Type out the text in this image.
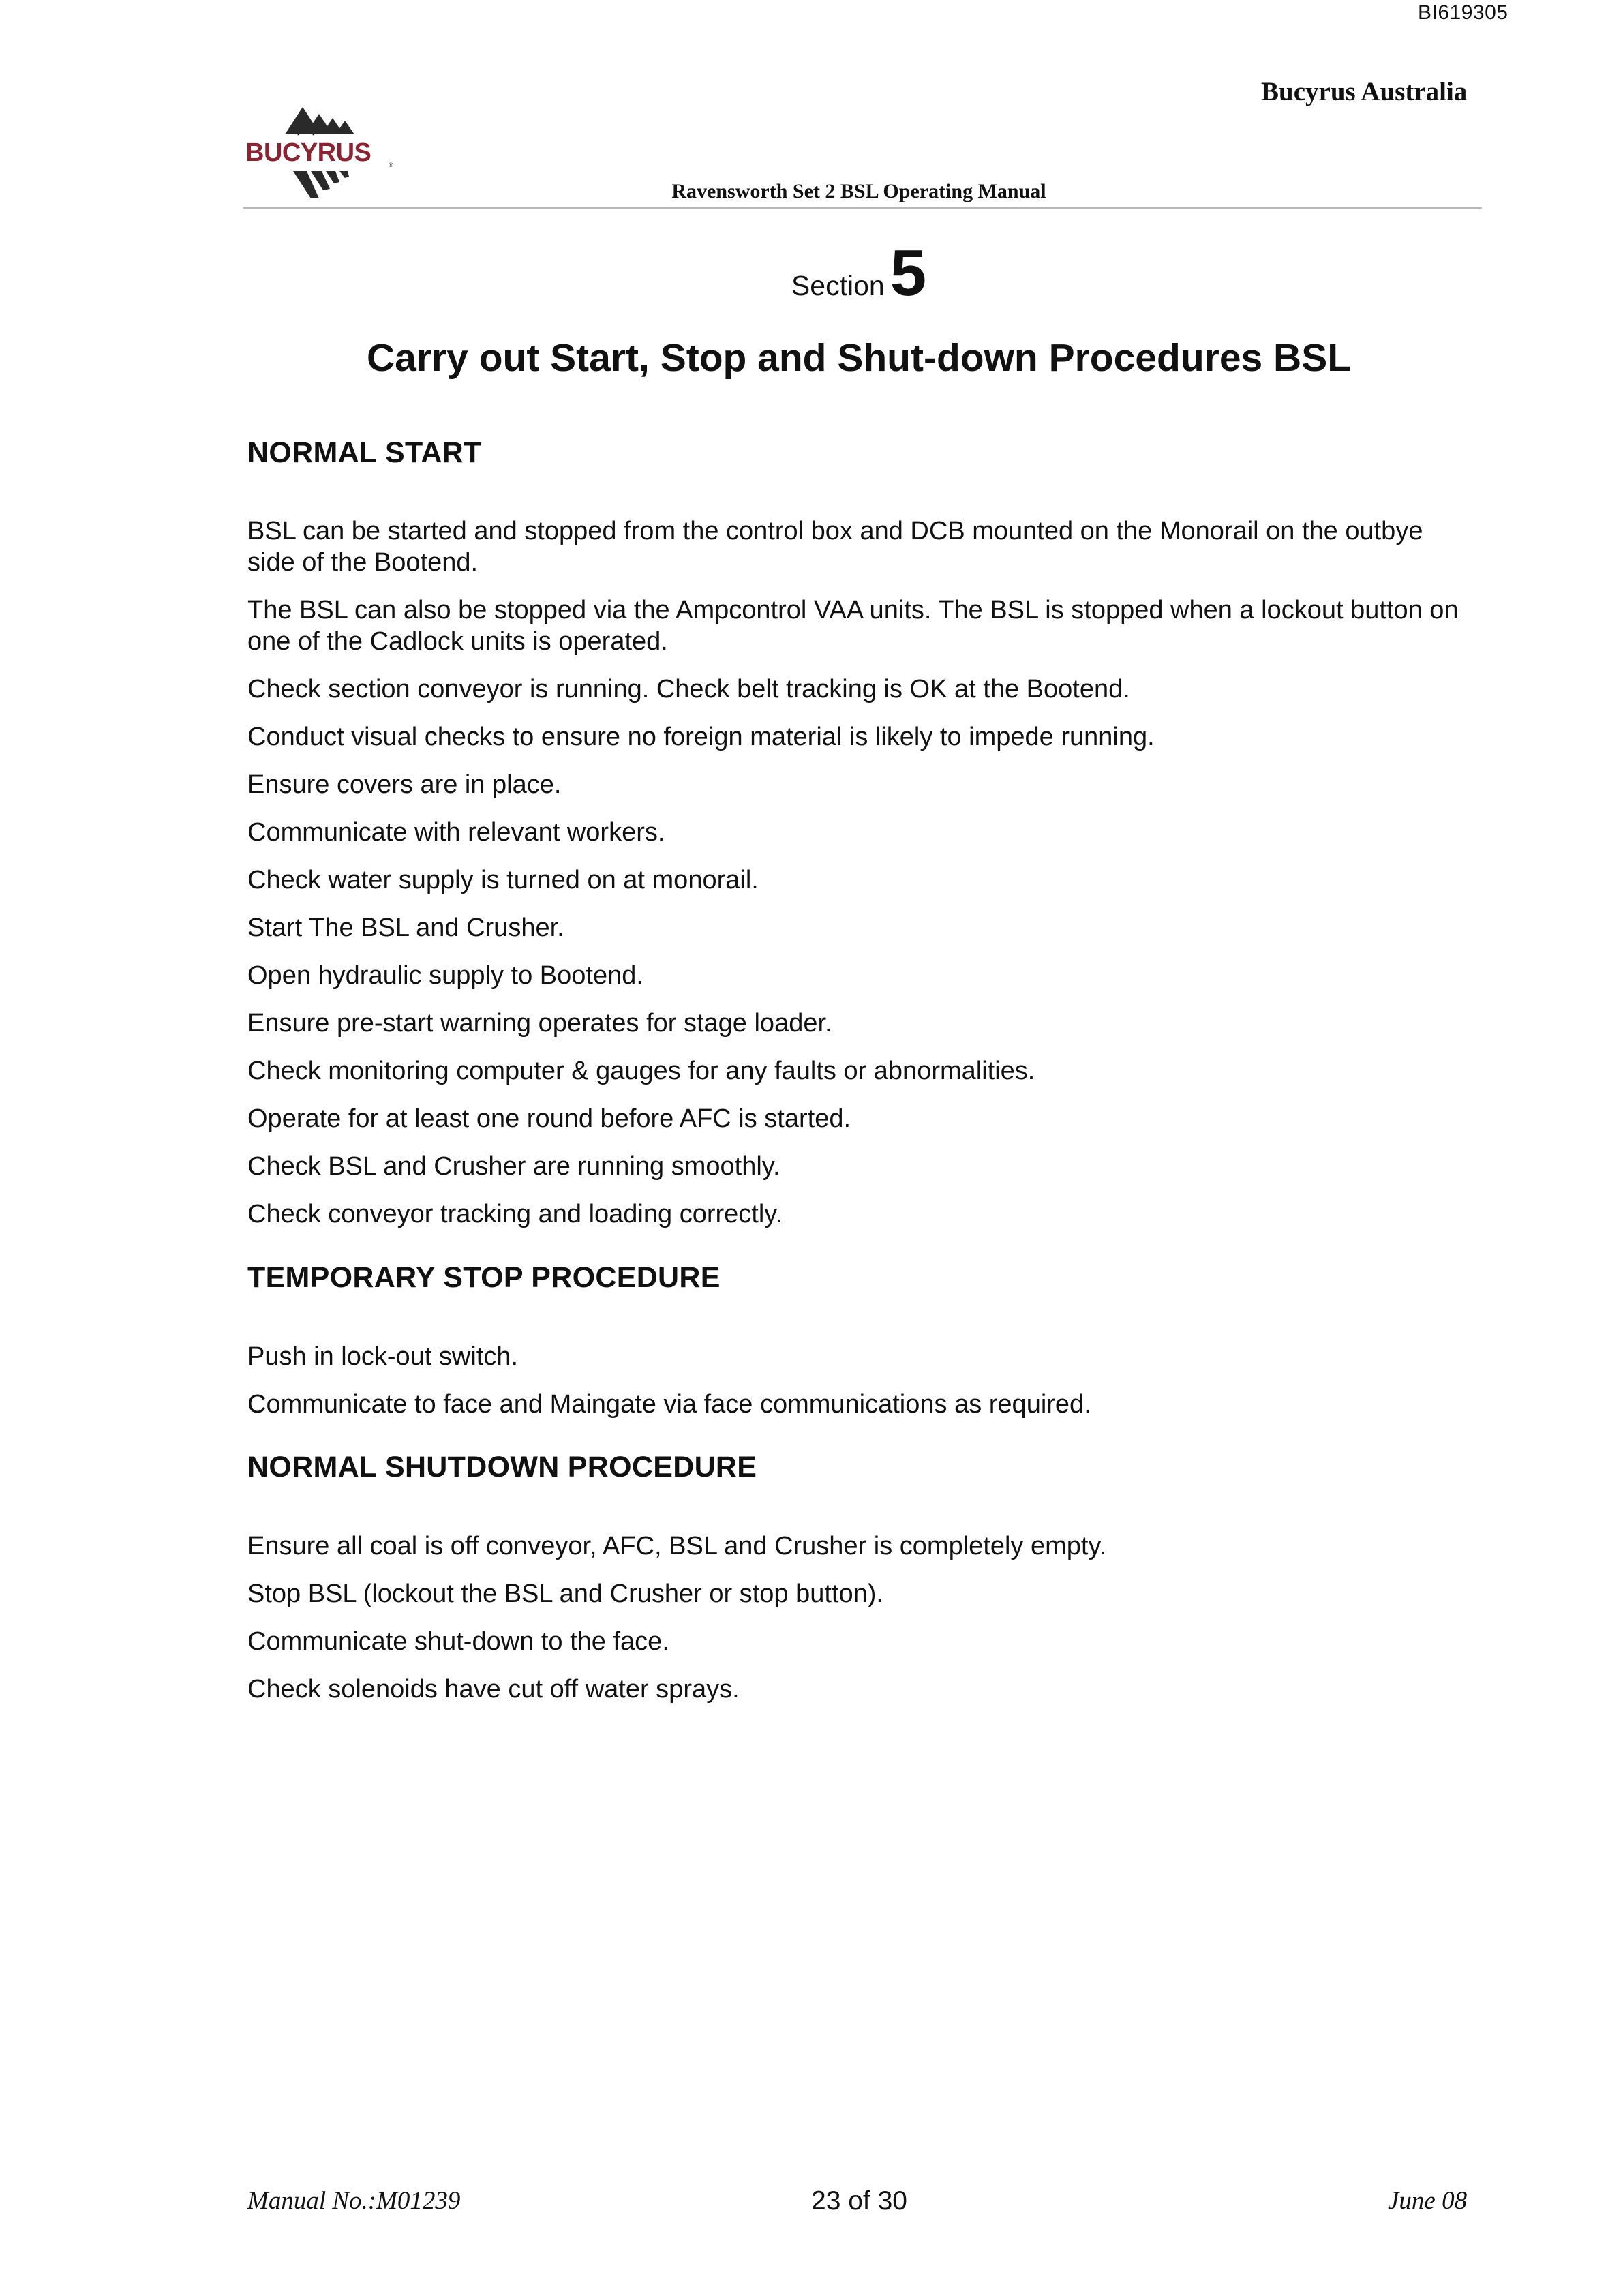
BI619305
Bucyrus Australia
BUCYRUS	®
Ravensworth Set 2 BSL Operating Manual
Section5
Carry out Start, Stop and Shut-down Procedures BSL
NORMAL START

BSL can be started and stopped from the control box and DCB mounted on the Monorail on the outbye side of the Bootend.

The BSL can also be stopped via the Ampcontrol VAA units. The BSL is stopped when a lockout button on one of the Cadlock units is operated.

Check section conveyor is running. Check belt tracking is OK at the Bootend.

Conduct visual checks to ensure no foreign material is likely to impede running.

Ensure covers are in place.

Communicate with relevant workers.

Check water supply is turned on at monorail.

Start The BSL and Crusher.

Open hydraulic supply to Bootend.

Ensure pre-start warning operates for stage loader.

Check monitoring computer & gauges for any faults or abnormalities.

Operate for at least one round before AFC is started.

Check BSL and Crusher are running smoothly.

Check conveyor tracking and loading correctly.

TEMPORARY STOP PROCEDURE

Push in lock-out switch.

Communicate to face and Maingate via face communications as required.

NORMAL SHUTDOWN PROCEDURE

Ensure all coal is off conveyor, AFC, BSL and Crusher is completely empty.

Stop BSL (lockout the BSL and Crusher or stop button).

Communicate shut-down to the face.

Check solenoids have cut off water sprays.

Manual No.:M01239	23 of 30	June 08
